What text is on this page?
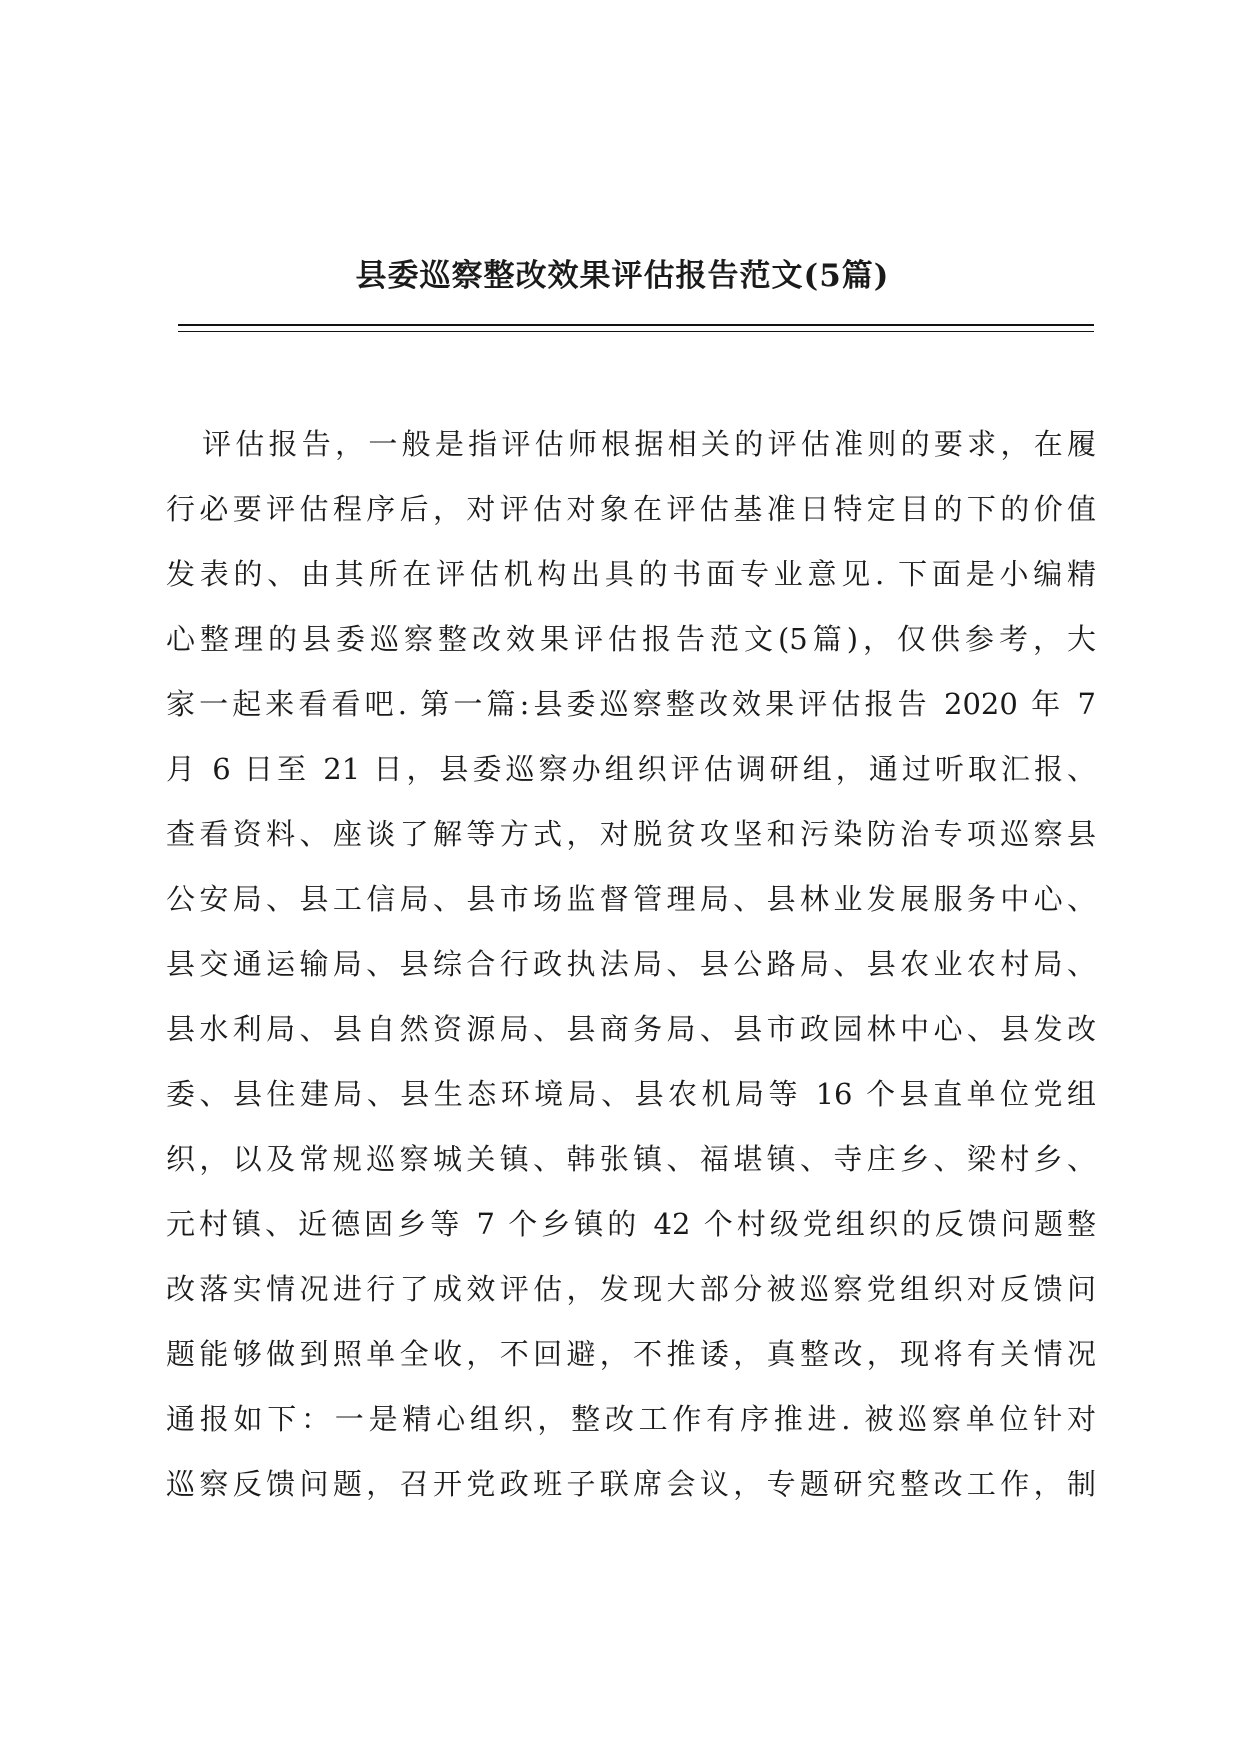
县委巡察整改效果评估报告范文(5篇)
评估报告，一般是指评估师根据相关的评估准则的要求，在履
行必要评估程序后，对评估对象在评估基准日特定目的下的价值
发表的、由其所在评估机构出具的书面专业意见. 下面是小编精
心整理的县委巡察整改效果评估报告范文(5篇)，仅供参考，大
家一起来看看吧. 第一篇:县委巡察整改效果评估报告 2020 年 7
月 6 日至 21 日，县委巡察办组织评估调研组，通过听取汇报、
查看资料、座谈了解等方式，对脱贫攻坚和污染防治专项巡察县
公安局、县工信局、县市场监督管理局、县林业发展服务中心、
县交通运输局、县综合行政执法局、县公路局、县农业农村局、
县水利局、县自然资源局、县商务局、县市政园林中心、县发改
委、县住建局、县生态环境局、县农机局等 16 个县直单位党组
织，以及常规巡察城关镇、韩张镇、福堪镇、寺庄乡、梁村乡、
元村镇、近德固乡等 7 个乡镇的 42 个村级党组织的反馈问题整
改落实情况进行了成效评估，发现大部分被巡察党组织对反馈问
题能够做到照单全收，不回避，不推诿，真整改，现将有关情况
通报如下：一是精心组织，整改工作有序推进. 被巡察单位针对
巡察反馈问题，召开党政班子联席会议，专题研究整改工作，制
